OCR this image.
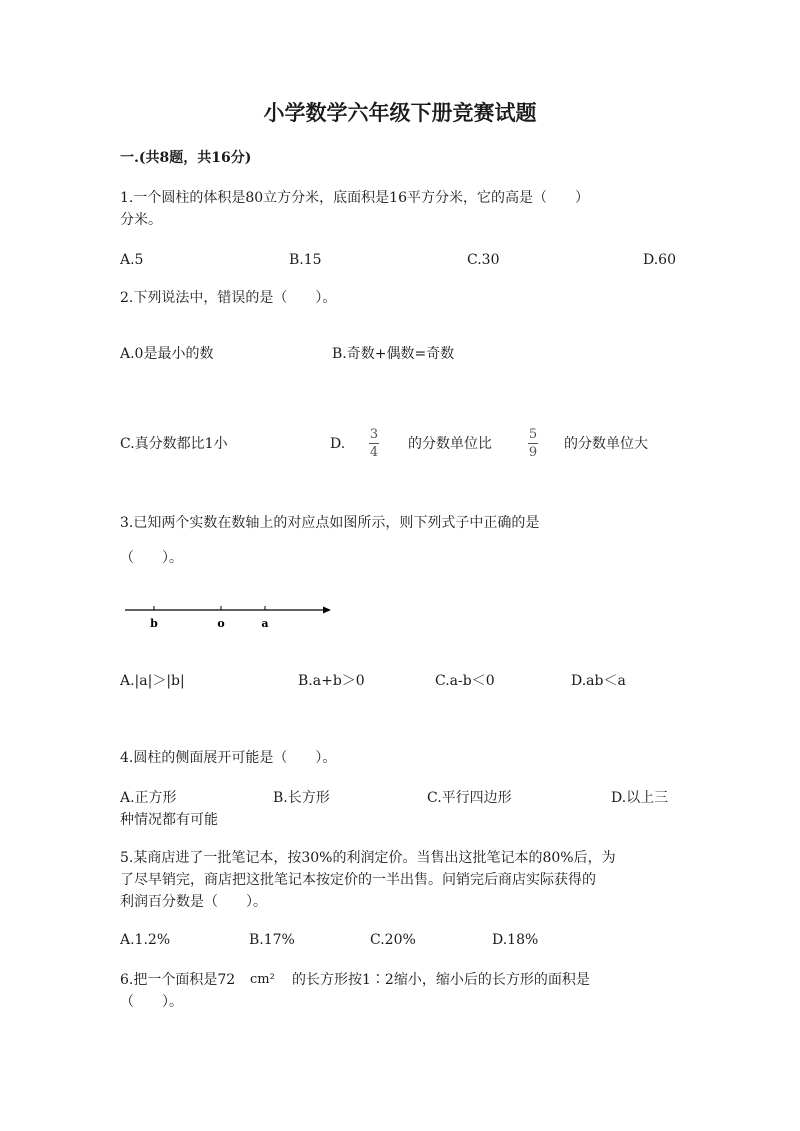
小学数学六年级下册竞赛试题
一.(共8题，共16分)
1.一个圆柱的体积是80立方分米，底面积是16平方分米，它的高是（　　）
分米。
A.5	B.15	C.30	D.60
2.下列说法中，错误的是（　　）。
A.0是最小的数	B.奇数+偶数=奇数
C.真分数都比1小	D.
3
4
的分数单位比
5
9
的分数单位大
3.已知两个实数在数轴上的对应点如图所示，则下列式子中正确的是
（　　）。
b	o	a
A.|a|＞|b|	B.a+b＞0	C.a-b＜0	D.ab＜a
4.圆柱的侧面展开可能是（　　）。
A.正方形	B.长方形	C.平行四边形	D.以上三
种情况都有可能
5.某商店进了一批笔记本，按30%的利润定价。当售出这批笔记本的80%后，为
了尽早销完，商店把这批笔记本按定价的一半出售。问销完后商店实际获得的
利润百分数是（　　）。
A.1.2%	B.17%	C.20%	D.18%
6.把一个面积是72 cm² 的长方形按1∶2缩小，缩小后的长方形的面积是
（　　）。
